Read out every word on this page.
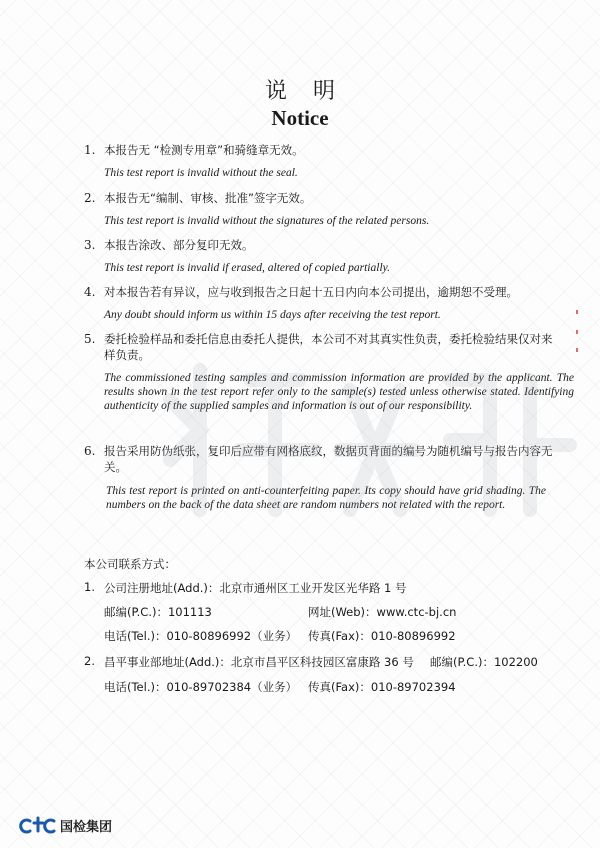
说明
Notice
1. 本报告无 “检测专用章”和骑缝章无效。
This test report is invalid without the seal.
2. 本报告无“编制、审核、批准”签字无效。
This test report is invalid without the signatures of the related persons.
3. 本报告涂改、部分复印无效。
This test report is invalid if erased, altered of copied partially.
4. 对本报告若有异议，应与收到报告之日起十五日内向本公司提出，逾期恕不受理。
Any doubt should inform us within 15 days after receiving the test report.
5. 委托检验样品和委托信息由委托人提供，本公司不对其真实性负责，委托检验结果仅对来样负责。
The commissioned testing samples and commission information are provided by the applicant. The results shown in the test report refer only to the sample(s) tested unless otherwise stated. Identifying authenticity of the supplied samples and information is out of our responsibility.
6. 报告采用防伪纸张，复印后应带有网格底纹，数据页背面的编号为随机编号与报告内容无关。
This test report is printed on anti-counterfeiting paper. Its copy should have grid shading. The numbers on the back of the data sheet are random numbers not related with the report.
本公司联系方式：
1. 公司注册地址(Add.)：北京市通州区工业开发区光华路 1 号
邮编(P.C.)：101113	网址(Web)：www.ctc-bj.cn
电话(Tel.)：010-80896992（业务） 传真(Fax)：010-80896992
2. 昌平事业部地址(Add.)：北京市昌平区科技园区富康路 36 号 邮编(P.C.)：102200
电话(Tel.)：010-89702384（业务） 传真(Fax)：010-89702394
国检集团
